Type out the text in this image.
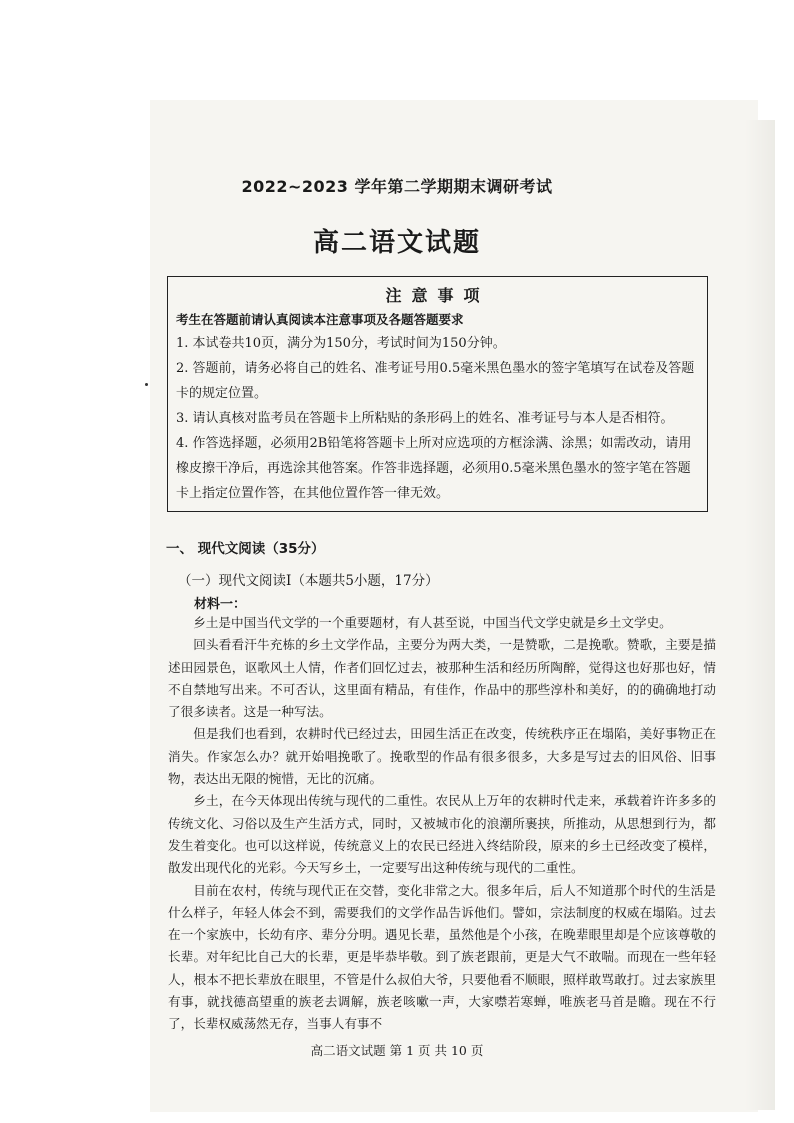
2022~2023 学年第二学期期末调研考试
高二语文试题
注意事项
考生在答题前请认真阅读本注意事项及各题答题要求
1. 本试卷共10页，满分为150分，考试时间为150分钟。
2. 答题前，请务必将自己的姓名、准考证号用0.5毫米黑色墨水的签字笔填写在试卷及答题卡的规定位置。
3. 请认真核对监考员在答题卡上所粘贴的条形码上的姓名、准考证号与本人是否相符。
4. 作答选择题，必须用2B铅笔将答题卡上所对应选项的方框涂满、涂黑；如需改动，请用橡皮擦干净后，再选涂其他答案。作答非选择题，必须用0.5毫米黑色墨水的签字笔在答题卡上指定位置作答，在其他位置作答一律无效。
一、 现代文阅读（35分）
（一）现代文阅读Ⅰ（本题共5小题，17分）
材料一：

乡土是中国当代文学的一个重要题材，有人甚至说，中国当代文学史就是乡土文学史。

回头看看汗牛充栋的乡土文学作品，主要分为两大类，一是赞歌，二是挽歌。赞歌，主要是描述田园景色，讴歌风土人情，作者们回忆过去，被那种生活和经历所陶醉，觉得这也好那也好，情不自禁地写出来。不可否认，这里面有精品，有佳作，作品中的那些淳朴和美好，的的确确地打动了很多读者。这是一种写法。

但是我们也看到，农耕时代已经过去，田园生活正在改变，传统秩序正在塌陷，美好事物正在消失。作家怎么办？就开始唱挽歌了。挽歌型的作品有很多很多，大多是写过去的旧风俗、旧事物，表达出无限的惋惜，无比的沉痛。

乡土，在今天体现出传统与现代的二重性。农民从上万年的农耕时代走来，承载着许许多多的传统文化、习俗以及生产生活方式，同时，又被城市化的浪潮所裹挟，所推动，从思想到行为，都发生着变化。也可以这样说，传统意义上的农民已经进入终结阶段，原来的乡土已经改变了模样，散发出现代化的光彩。今天写乡土，一定要写出这种传统与现代的二重性。

目前在农村，传统与现代正在交替，变化非常之大。很多年后，后人不知道那个时代的生活是什么样子，年轻人体会不到，需要我们的文学作品告诉他们。譬如，宗法制度的权威在塌陷。过去在一个家族中，长幼有序、辈分分明。遇见长辈，虽然他是个小孩，在晚辈眼里却是个应该尊敬的长辈。对年纪比自己大的长辈，更是毕恭毕敬。到了族老跟前，更是大气不敢喘。而现在一些年轻人，根本不把长辈放在眼里，不管是什么叔伯大爷，只要他看不顺眼，照样敢骂敢打。过去家族里有事，就找德高望重的族老去调解，族老咳嗽一声，大家噤若寒蝉，唯族老马首是瞻。现在不行了，长辈权威荡然无存，当事人有事不

高二语文试题 第 1 页 共 10 页
